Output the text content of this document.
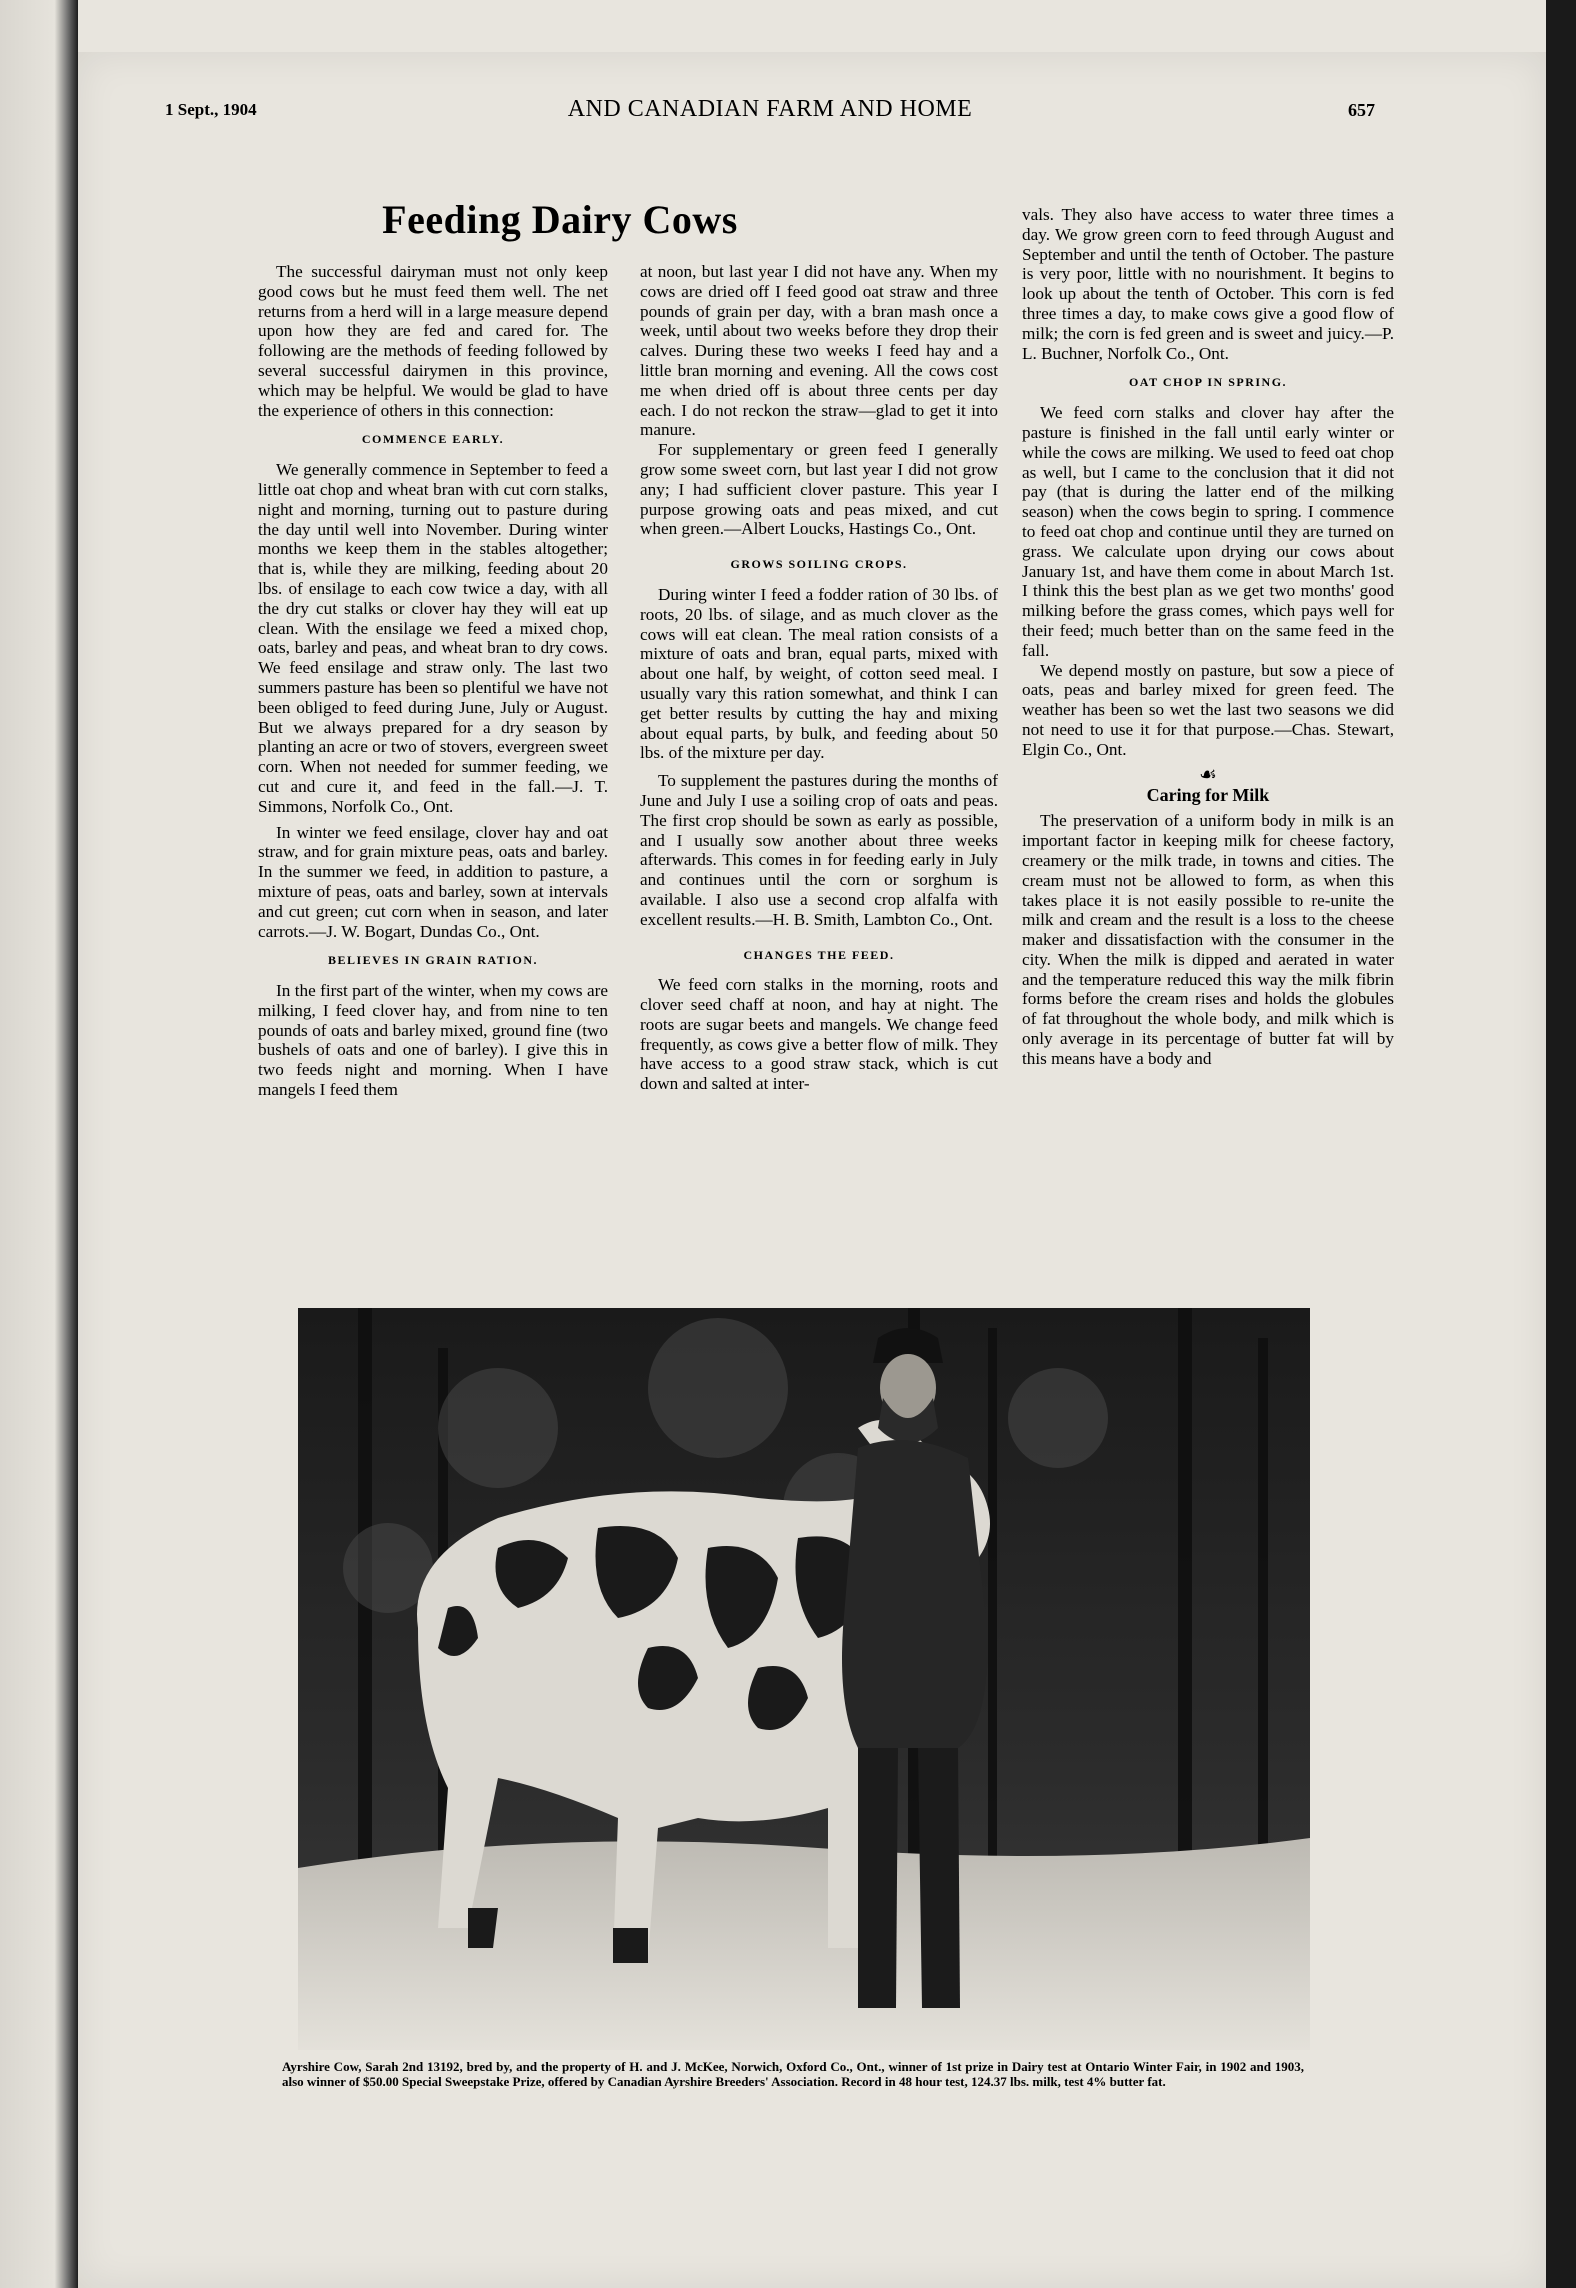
1 Sept., 1904	AND CANADIAN FARM AND HOME	657
Feeding Dairy Cows

The successful dairyman must not only keep good cows but he must feed them well. The net returns from a herd will in a large measure depend upon how they are fed and cared for. The following are the methods of feeding followed by several successful dairymen in this province, which may be helpful. We would be glad to have the experience of others in this connection:

COMMENCE EARLY.

We generally commence in September to feed a little oat chop and wheat bran with cut corn stalks, night and morning, turning out to pasture during the day until well into November. During winter months we keep them in the stables altogether; that is, while they are milking, feeding about 20 lbs. of ensilage to each cow twice a day, with all the dry cut stalks or clover hay they will eat up clean. With the ensilage we feed a mixed chop, oats, barley and peas, and wheat bran to dry cows. We feed ensilage and straw only. The last two summers pasture has been so plentiful we have not been obliged to feed during June, July or August. But we always prepared for a dry season by planting an acre or two of stovers, evergreen sweet corn. When not needed for summer feeding, we cut and cure it, and feed in the fall.—J. T. Simmons, Norfolk Co., Ont.

In winter we feed ensilage, clover hay and oat straw, and for grain mixture peas, oats and barley. In the summer we feed, in addition to pasture, a mixture of peas, oats and barley, sown at intervals and cut green; cut corn when in season, and later carrots.—J. W. Bogart, Dundas Co., Ont.

BELIEVES IN GRAIN RATION.

In the first part of the winter, when my cows are milking, I feed clover hay, and from nine to ten pounds of oats and barley mixed, ground fine (two bushels of oats and one of barley). I give this in two feeds night and morning. When I have mangels I feed them

at noon, but last year I did not have any. When my cows are dried off I feed good oat straw and three pounds of grain per day, with a bran mash once a week, until about two weeks before they drop their calves. During these two weeks I feed hay and a little bran morning and evening. All the cows cost me when dried off is about three cents per day each. I do not reckon the straw—glad to get it into manure.

For supplementary or green feed I generally grow some sweet corn, but last year I did not grow any; I had sufficient clover pasture. This year I purpose growing oats and peas mixed, and cut when green.—Albert Loucks, Hastings Co., Ont.

GROWS SOILING CROPS.

During winter I feed a fodder ration of 30 lbs. of roots, 20 lbs. of silage, and as much clover as the cows will eat clean. The meal ration consists of a mixture of oats and bran, equal parts, mixed with about one half, by weight, of cotton seed meal. I usually vary this ration somewhat, and think I can get better results by cutting the hay and mixing about equal parts, by bulk, and feeding about 50 lbs. of the mixture per day.

To supplement the pastures during the months of June and July I use a soiling crop of oats and peas. The first crop should be sown as early as possible, and I usually sow another about three weeks afterwards. This comes in for feeding early in July and continues until the corn or sorghum is available. I also use a second crop alfalfa with excellent results.—H. B. Smith, Lambton Co., Ont.

CHANGES THE FEED.

We feed corn stalks in the morning, roots and clover seed chaff at noon, and hay at night. The roots are sugar beets and mangels. We change feed frequently, as cows give a better flow of milk. They have access to a good straw stack, which is cut down and salted at inter-

vals. They also have access to water three times a day. We grow green corn to feed through August and September and until the tenth of October. The pasture is very poor, little with no nourishment. It begins to look up about the tenth of October. This corn is fed three times a day, to make cows give a good flow of milk; the corn is fed green and is sweet and juicy.—P. L. Buchner, Norfolk Co., Ont.

OAT CHOP IN SPRING.

We feed corn stalks and clover hay after the pasture is finished in the fall until early winter or while the cows are milking. We used to feed oat chop as well, but I came to the conclusion that it did not pay (that is during the latter end of the milking season) when the cows begin to spring. I commence to feed oat chop and continue until they are turned on grass. We calculate upon drying our cows about January 1st, and have them come in about March 1st. I think this the best plan as we get two months' good milking before the grass comes, which pays well for their feed; much better than on the same feed in the fall.

We depend mostly on pasture, but sow a piece of oats, peas and barley mixed for green feed. The weather has been so wet the last two seasons we did not need to use it for that purpose.—Chas. Stewart, Elgin Co., Ont.

☙

Caring for Milk

The preservation of a uniform body in milk is an important factor in keeping milk for cheese factory, creamery or the milk trade, in towns and cities. The cream must not be allowed to form, as when this takes place it is not easily possible to re-unite the milk and cream and the result is a loss to the cheese maker and dissatisfaction with the consumer in the city. When the milk is dipped and aerated in water and the temperature reduced this way the milk fibrin forms before the cream rises and holds the globules of fat throughout the whole body, and milk which is only average in its percentage of butter fat will by this means have a body and

Ayrshire Cow, Sarah 2nd 13192, bred by, and the property of H. and J. McKee, Norwich, Oxford Co., Ont., winner of 1st prize in Dairy test at Ontario Winter Fair, in 1902 and 1903, also winner of $50.00 Special Sweepstake Prize, offered by Canadian Ayrshire Breeders' Association. Record in 48 hour test, 124.37 lbs. milk, test 4% butter fat.
